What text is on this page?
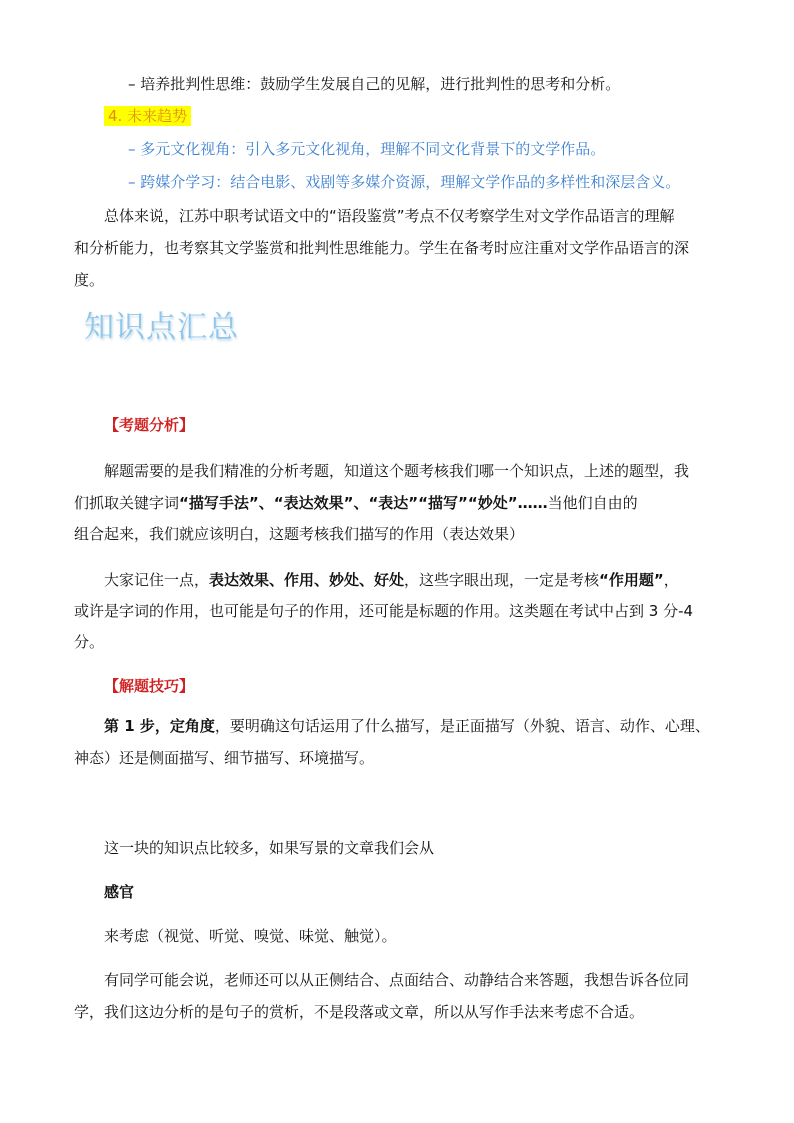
– 培养批判性思维：鼓励学生发展自己的见解，进行批判性的思考和分析。
4. 未来趋势
– 多元文化视角：引入多元文化视角，理解不同文化背景下的文学作品。
– 跨媒介学习：结合电影、戏剧等多媒介资源，理解文学作品的多样性和深层含义。
总体来说，江苏中职考试语文中的“语段鉴赏”考点不仅考察学生对文学作品语言的理解
和分析能力，也考察其文学鉴赏和批判性思维能力。学生在备考时应注重对文学作品语言的深
度。
知识点汇总
【考题分析】
解题需要的是我们精准的分析考题，知道这个题考核我们哪一个知识点，上述的题型，我
们抓取关键字词“描写手法”、“表达效果”、“表达”“描写”“妙处”……当他们自由的
组合起来，我们就应该明白，这题考核我们描写的作用（表达效果）
大家记住一点，表达效果、作用、妙处、好处，这些字眼出现，一定是考核“作用题”，
或许是字词的作用，也可能是句子的作用，还可能是标题的作用。这类题在考试中占到 3 分-4
分。
【解题技巧】
第 1 步，定角度，要明确这句话运用了什么描写，是正面描写（外貌、语言、动作、心理、
神态）还是侧面描写、细节描写、环境描写。
这一块的知识点比较多，如果写景的文章我们会从
感官
来考虑（视觉、听觉、嗅觉、味觉、触觉）。
有同学可能会说，老师还可以从正侧结合、点面结合、动静结合来答题，我想告诉各位同
学，我们这边分析的是句子的赏析，不是段落或文章，所以从写作手法来考虑不合适。
